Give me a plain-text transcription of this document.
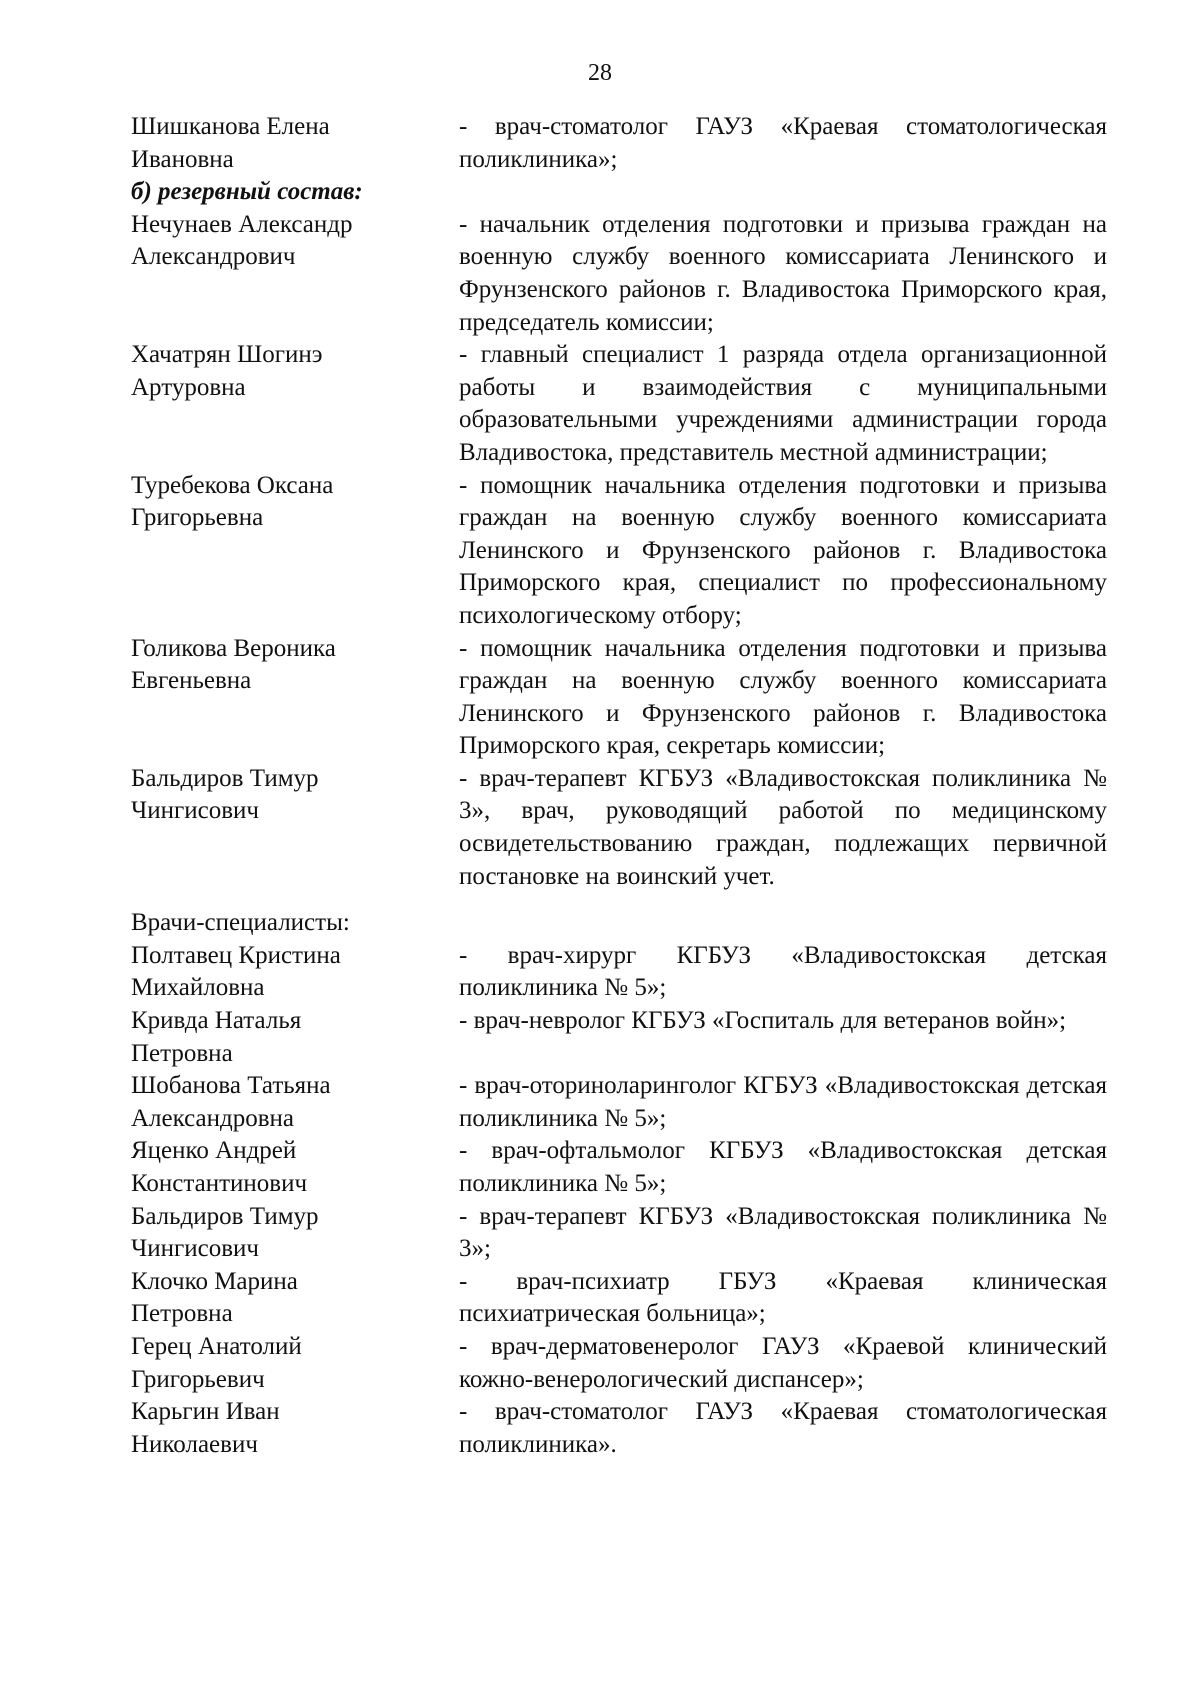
28
Шишканова Елена
Ивановна
- врач-стоматолог ГАУЗ «Краевая стоматологическая поликлиника»;
б) резервный состав:
Нечунаев Александр
Александрович
- начальник отделения подготовки и призыва граждан на военную службу военного комиссариата Ленинского и Фрунзенского районов г. Владивостока Приморского края, председатель комиссии;
Хачатрян Шогинэ
Артуровна
- главный специалист 1 разряда отдела организационной работы и взаимодействия с муниципальными образовательными учреждениями администрации города Владивостока, представитель местной администрации;
Туребекова Оксана
Григорьевна
- помощник начальника отделения подготовки и призыва граждан на военную службу военного комиссариата Ленинского и Фрунзенского районов г. Владивостока Приморского края, специалист по профессиональному психологическому отбору;
Голикова Вероника
Евгеньевна
- помощник начальника отделения подготовки и призыва граждан на военную службу военного комиссариата Ленинского и Фрунзенского районов г. Владивостока Приморского края, секретарь комиссии;
Бальдиров Тимур
Чингисович
- врач-терапевт КГБУЗ «Владивостокская поликлиника № 3», врач, руководящий работой по медицинскому освидетельствованию граждан, подлежащих первичной постановке на воинский учет.
Врачи-специалисты:
Полтавец Кристина
Михайловна
- врач-хирург КГБУЗ «Владивостокская детская поликлиника № 5»;
Кривда Наталья
Петровна
- врач-невролог КГБУЗ «Госпиталь для ветеранов войн»;
Шобанова Татьяна
Александровна
- врач-оториноларинголог КГБУЗ «Владивостокская детская поликлиника № 5»;
Яценко Андрей
Константинович
- врач-офтальмолог КГБУЗ «Владивостокская детская поликлиника № 5»;
Бальдиров Тимур
Чингисович
- врач-терапевт КГБУЗ «Владивостокская поликлиника № 3»;
Клочко Марина
Петровна
- врач-психиатр ГБУЗ «Краевая клиническая психиатрическая больница»;
Герец Анатолий
Григорьевич
- врач-дерматовенеролог ГАУЗ «Краевой клинический кожно-венерологический диспансер»;
Карьгин Иван
Николаевич
- врач-стоматолог ГАУЗ «Краевая стоматологическая поликлиника».
